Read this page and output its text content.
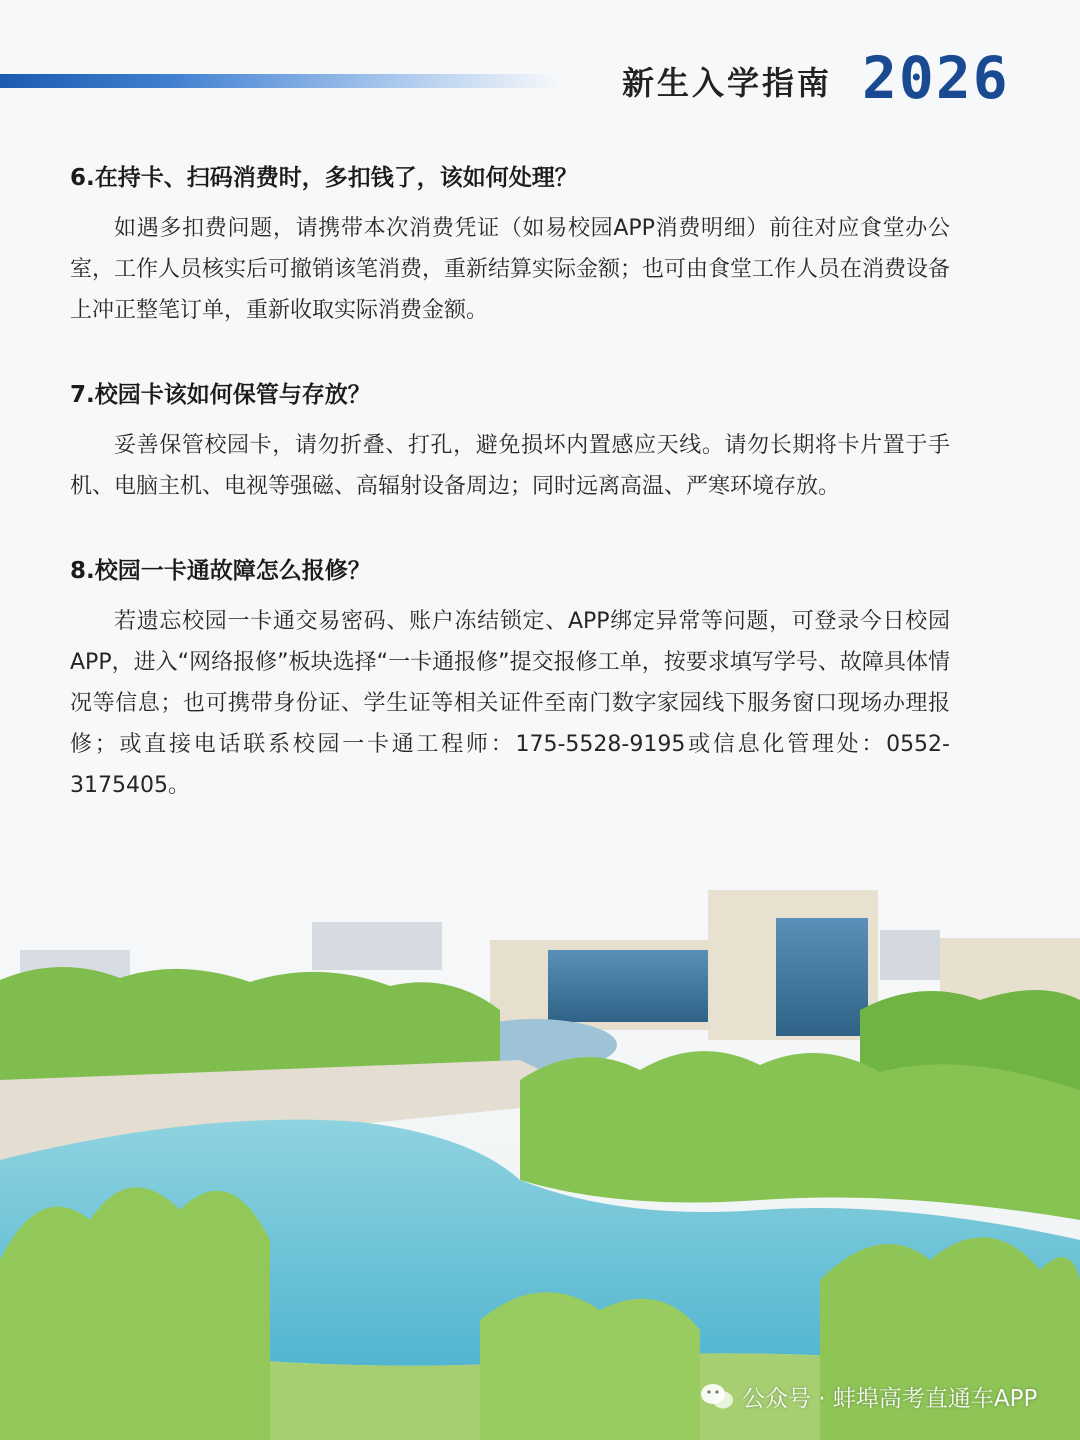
新生入学指南 2026

6.在持卡、扫码消费时，多扣钱了，该如何处理？

如遇多扣费问题，请携带本次消费凭证（如易校园APP消费明细）前往对应食堂办公室，工作人员核实后可撤销该笔消费，重新结算实际金额；也可由食堂工作人员在消费设备上冲正整笔订单，重新收取实际消费金额。

7.校园卡该如何保管与存放？

妥善保管校园卡，请勿折叠、打孔，避免损坏内置感应天线。请勿长期将卡片置于手机、电脑主机、电视等强磁、高辐射设备周边；同时远离高温、严寒环境存放。

8.校园一卡通故障怎么报修？

若遗忘校园一卡通交易密码、账户冻结锁定、APP绑定异常等问题，可登录今日校园APP，进入“网络报修”板块选择“一卡通报修”提交报修工单，按要求填写学号、故障具体情况等信息；也可携带身份证、学生证等相关证件至南门数字家园线下服务窗口现场办理报修；或直接电话联系校园一卡通工程师：175-5528-9195或信息化管理处：0552-3175405。

公众号 · 蚌埠高考直通车APP
